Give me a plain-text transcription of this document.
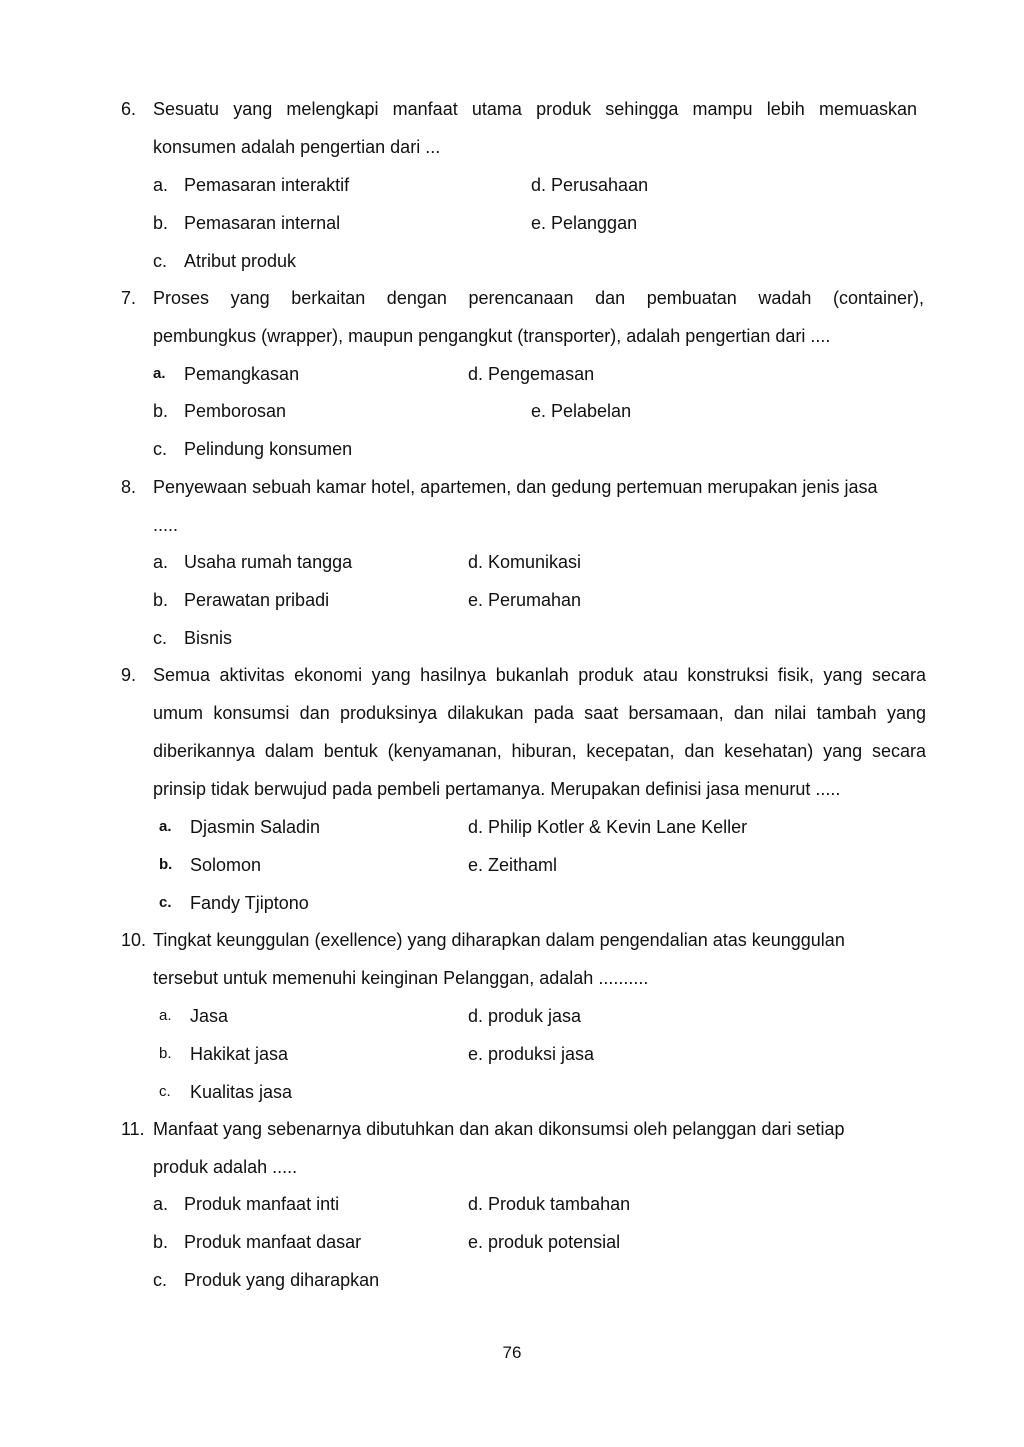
6. Sesuatu yang melengkapi manfaat utama produk sehingga mampu lebih memuaskan
konsumen adalah pengertian dari ...
a. Pemasaran interaktif	d. Perusahaan
b. Pemasaran internal	e. Pelanggan
c. Atribut produk
7. Proses yang berkaitan dengan perencanaan dan pembuatan wadah (container),
pembungkus (wrapper), maupun pengangkut (transporter), adalah pengertian dari ....
a. Pemangkasan	d. Pengemasan
b. Pemborosan	e. Pelabelan
c. Pelindung konsumen
8. Penyewaan sebuah kamar hotel, apartemen, dan gedung pertemuan merupakan jenis jasa
.....
a. Usaha rumah tangga	d. Komunikasi
b. Perawatan pribadi	e. Perumahan
c. Bisnis
9. Semua aktivitas ekonomi yang hasilnya bukanlah produk atau konstruksi fisik, yang secara
umum konsumsi dan produksinya dilakukan pada saat bersamaan, dan nilai tambah yang
diberikannya dalam bentuk (kenyamanan, hiburan, kecepatan, dan kesehatan) yang secara
prinsip tidak berwujud pada pembeli pertamanya. Merupakan definisi jasa menurut .....
a. Djasmin Saladin	d. Philip Kotler & Kevin Lane Keller
b. Solomon	e. Zeithaml
c. Fandy Tjiptono
10. Tingkat keunggulan (exellence) yang diharapkan dalam pengendalian atas keunggulan
tersebut untuk memenuhi keinginan Pelanggan, adalah ..........
a. Jasa	d. produk jasa
b. Hakikat jasa	e. produksi jasa
c. Kualitas jasa
11. Manfaat yang sebenarnya dibutuhkan dan akan dikonsumsi oleh pelanggan dari setiap
produk adalah .....
a. Produk manfaat inti	d. Produk tambahan
b. Produk manfaat dasar	e. produk potensial
c. Produk yang diharapkan
76
